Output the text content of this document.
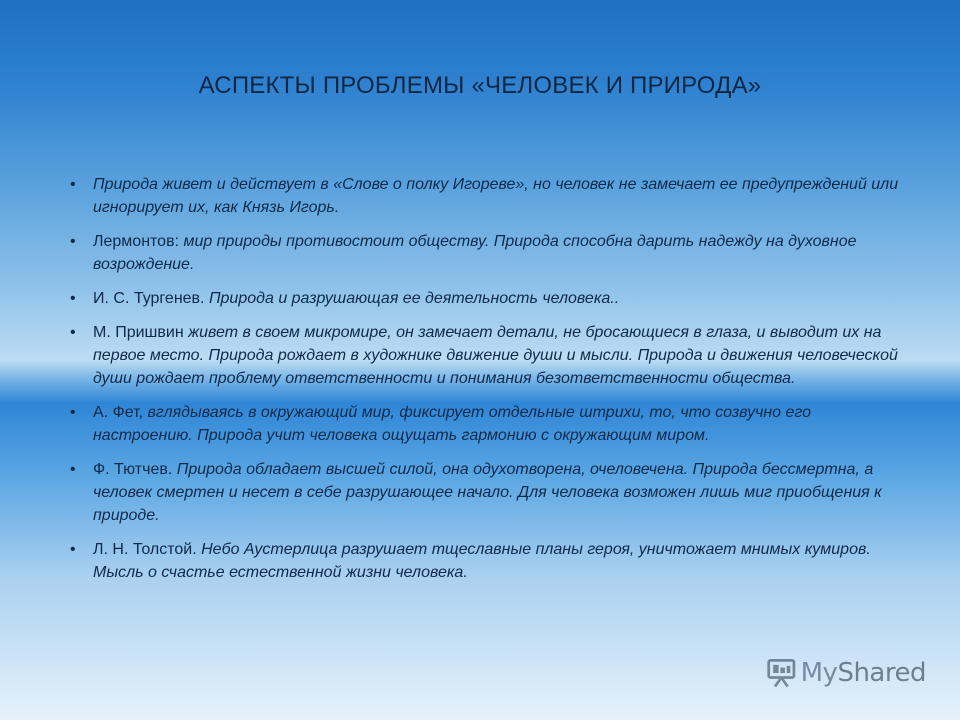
АСПЕКТЫ ПРОБЛЕМЫ «ЧЕЛОВЕК И ПРИРОДА»
•	Природа живет и действует в «Слове о полку Игореве», но человек не замечает ее предупреждений или игнорирует их, как Князь Игорь.
•	Лермонтов: мир природы противостоит обществу. Природа способна дарить надежду на духовное возрождение.
•	И. С. Тургенев. Природа и разрушающая ее деятельность человека..
•	М. Пришвин живет в своем микромире, он замечает детали, не бросающиеся в глаза, и выводит их на первое место. Природа рождает в художнике движение души и мысли. Природа и движения человеческой души рождает проблему ответственности и понимания безответственности общества.
•	А. Фет, вглядываясь в окружающий мир, фиксирует отдельные штрихи, то, что созвучно его настроению. Природа учит человека ощущать гармонию с окружающим миром.
•	Ф. Тютчев. Природа обладает высшей силой, она одухотворена, очеловечена. Природа бессмертна, а человек смертен и несет в себе разрушающее начало. Для человека возможен лишь миг приобщения к природе.
•	Л. Н. Толстой. Небо Аустерлица разрушает тщеславные планы героя, уничтожает мнимых кумиров. Мысль о счастье естественной жизни человека.
MyShared
